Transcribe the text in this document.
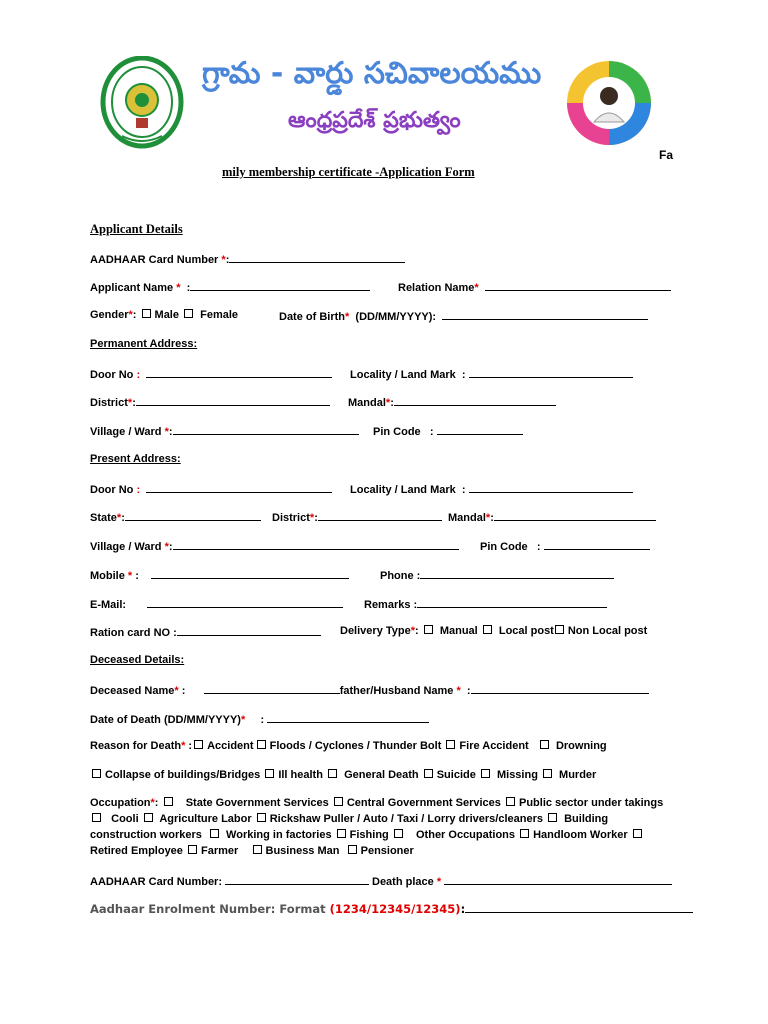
గ్రామ - వార్డు సచివాలయము
ఆంధ్రప్రదేశ్ ప్రభుత్వం
Fa
mily membership certificate -Application Form
Applicant Details
AADHAAR Card Number *:
Applicant Name *  :	Relation Name*
Gender*: Male Female	Date of Birth* (DD/MM/YYYY):
Permanent Address:
Door No :	Locality / Land Mark  :
District*:	Mandal*:
Village / Ward *:	Pin Code   :
Present Address:
Door No :	Locality / Land Mark  :
State*:	District*:	Mandal*:
Village / Ward *:	Pin Code   :
Mobile * :	Phone :
E-Mail:	Remarks :
Ration card NO :	Delivery Type*:  Manual Local post Non Local post
Deceased Details:
Deceased Name* :	father/Husband Name *  :
Date of Death (DD/MM/YYYY)*     :
Reason for Death* : Accident Floods / Cyclones / Thunder Bolt Fire Accident Drowning
Collapse of buildings/Bridges Ill health General Death Suicide Missing Murder
Occupation*:    State Government Services Central Government Services Public sector under takings
Cooli Agriculture Labor Rickshaw Puller / Auto / Taxi / Lorry drivers/cleaners Building
construction workers Working in factories Fishing Other Occupations Handloom Worker
Retired Employee Farmer Business Man Pensioner
AADHAAR Card Number:	Death place *
Aadhaar Enrolment Number: Format (1234/12345/12345):
